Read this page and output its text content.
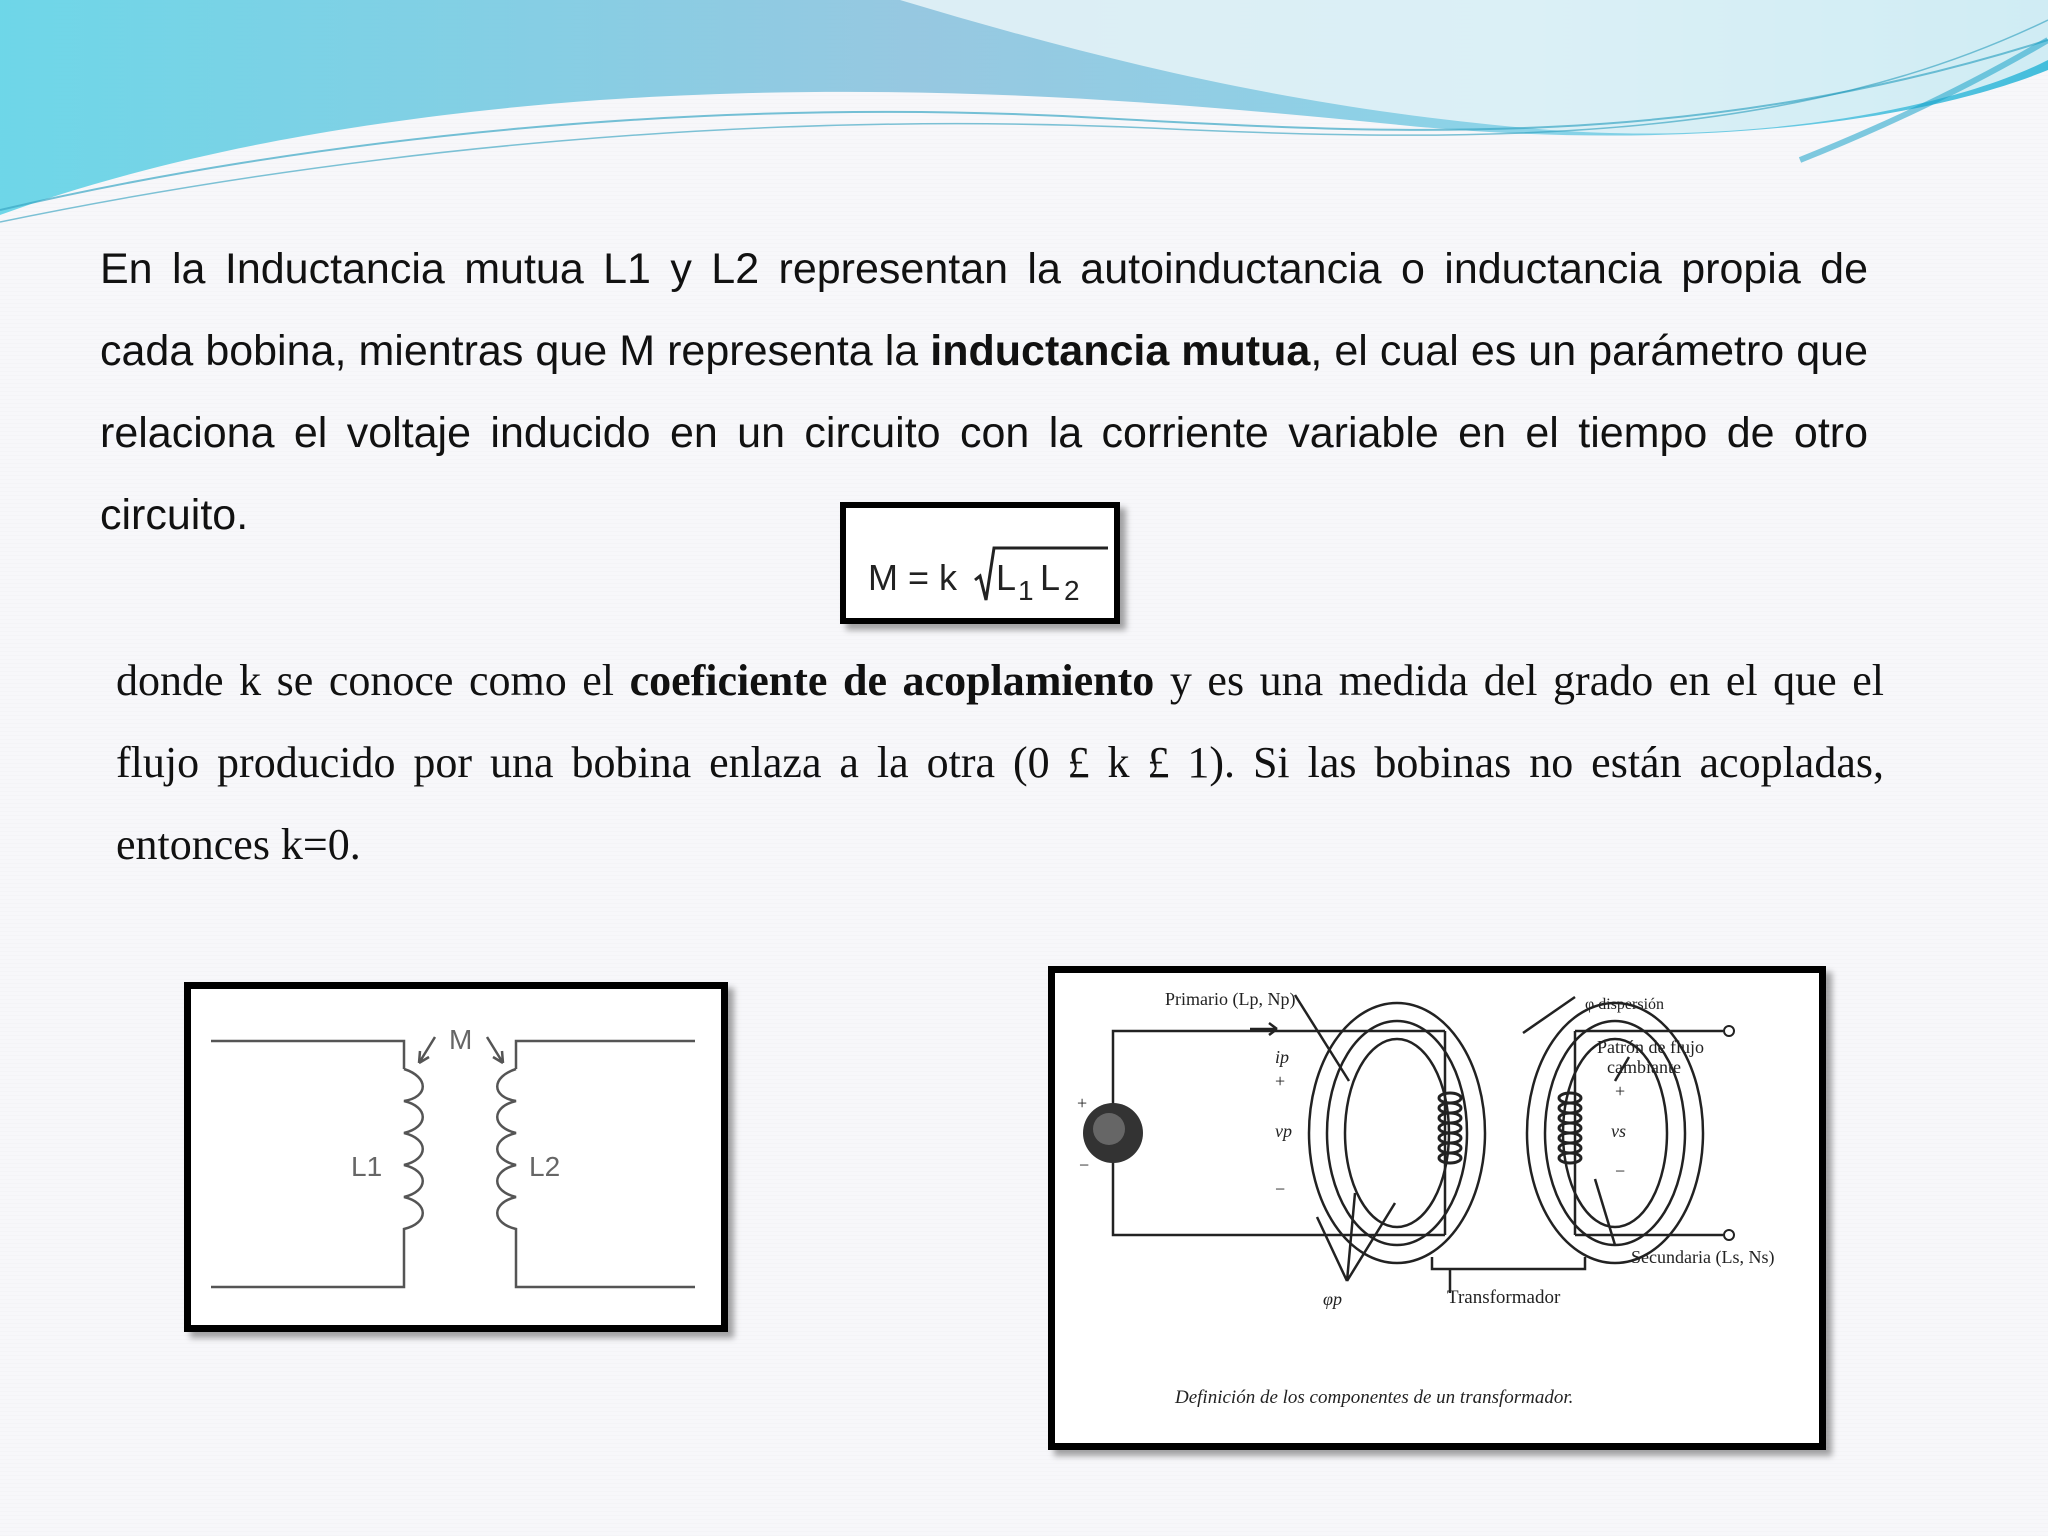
En la Inductancia mutua L1 y L2 representan la autoinductancia o inductancia propia de cada bobina, mientras que M representa la inductancia mutua, el cual es un parámetro que relaciona el voltaje inducido en un circuito con la corriente variable en el tiempo de otro circuito.

M = k L 1 L 2

donde k se conoce como el coeficiente de acoplamiento y es una medida del grado en el que el flujo producido por una bobina enlaza a la otra (0 £ k £ 1). Si las bobinas no están acopladas, entonces k=0.

M
L1	L2
Primario (Lp, Np)	φ dispersión
Patrón de flujo
cambiante
ip
+
vp
−
+
vs
−
+
−
Secundaria (Ls, Ns)
φp	Transformador
Definición de los componentes de un transformador.
